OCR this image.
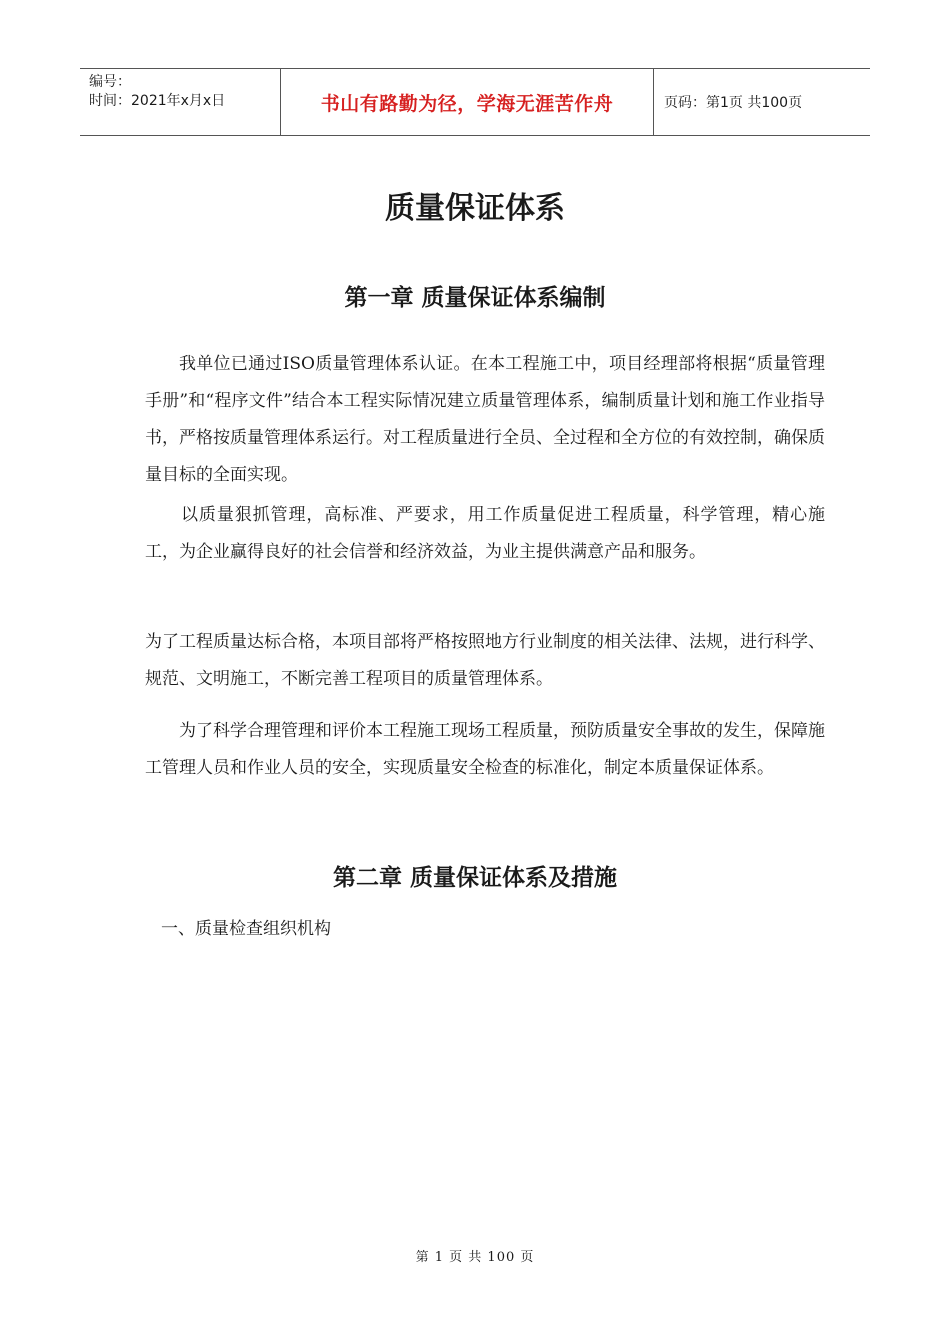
编号：
时间：2021年x月x日	书山有路勤为径，学海无涯苦作舟	页码：第1页 共100页
质量保证体系
第一章 质量保证体系编制

我单位已通过ISO质量管理体系认证。在本工程施工中，项目经理部将根据“质量管理手册”和“程序文件”结合本工程实际情况建立质量管理体系，编制质量计划和施工作业指导书，严格按质量管理体系运行。对工程质量进行全员、全过程和全方位的有效控制，确保质量目标的全面实现。

以质量狠抓管理，高标准、严要求，用工作质量促进工程质量，科学管理，精心施工，为企业赢得良好的社会信誉和经济效益，为业主提供满意产品和服务。

为了工程质量达标合格，本项目部将严格按照地方行业制度的相关法律、法规，进行科学、规范、文明施工，不断完善工程项目的质量管理体系。

为了科学合理管理和评价本工程施工现场工程质量，预防质量安全事故的发生，保障施工管理人员和作业人员的安全，实现质量安全检查的标准化，制定本质量保证体系。

第二章 质量保证体系及措施
一、质量检查组织机构
第 1 页 共 100 页
